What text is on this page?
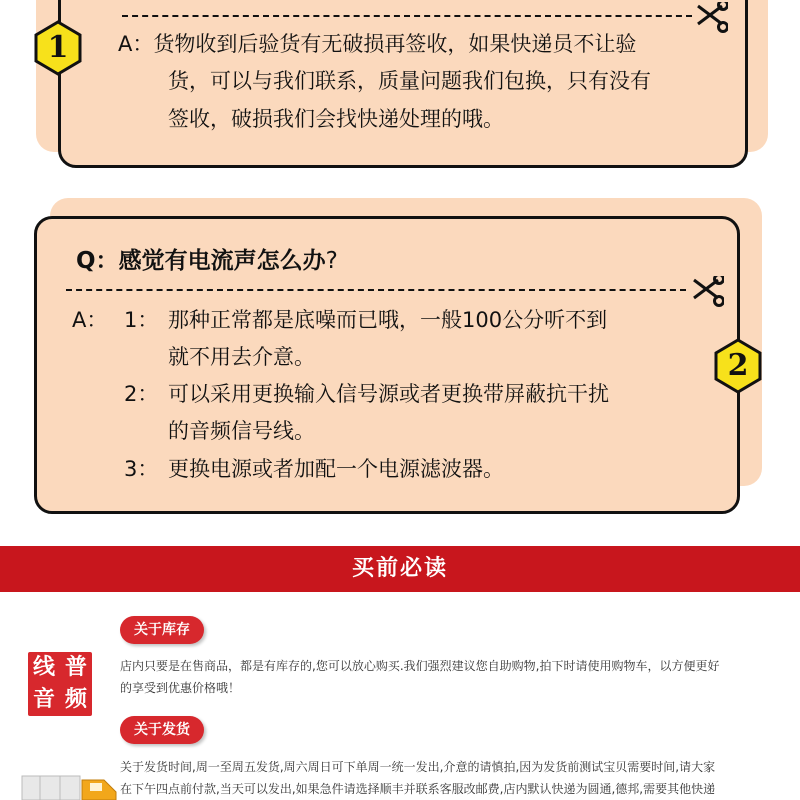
1	A：货物收到后验货有无破损再签收，如果快递员不让验
货，可以与我们联系，质量问题我们包换，只有没有
签收，破损我们会找快递处理的哦。
Q：感觉有电流声怎么办?
2
A： 1： 那种正常都是底噪而已哦，一般100公分听不到
就不用去介意。
2： 可以采用更换输入信号源或者更换带屏蔽抗干扰
的音频信号线。
3： 更换电源或者加配一个电源滤波器。
买前必读
关于库存
店内只要是在售商品，都是有库存的,您可以放心购买.我们强烈建议您自助购物,拍下时请使用购物车，以方便更好
的享受到优惠价格哦！
线 普
音 频
关于发货
关于发货时间,周一至周五发货,周六周日可下单周一统一发出,介意的请慎拍,因为发货前测试宝贝需要时间,请大家
在下午四点前付款,当天可以发出,如果急件请选择顺丰并联系客服改邮费,店内默认快递为圆通,德邦,需要其他快递
